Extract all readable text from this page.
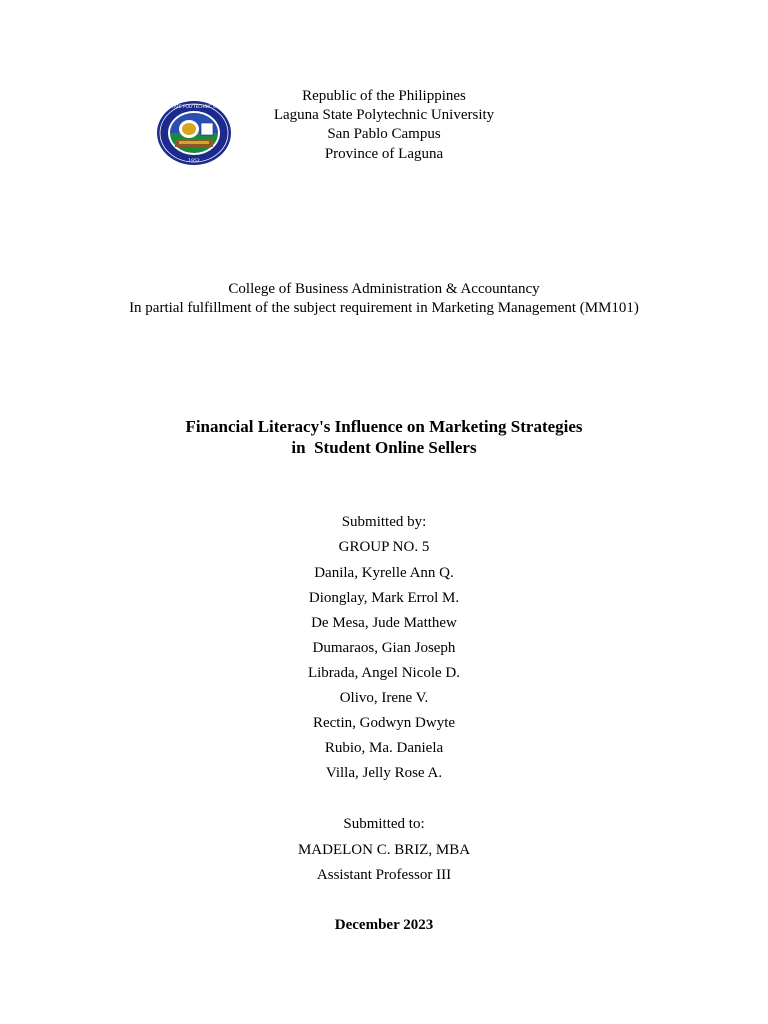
LAGUNA STATE POLYTECHNIC UNIVERSITY
1952
Republic of the Philippines
Laguna State Polytechnic University
San Pablo Campus
Province of Laguna
College of Business Administration & Accountancy
In partial fulfillment of the subject requirement in Marketing Management (MM101)
Financial Literacy's Influence on Marketing Strategies
in  Student Online Sellers
Submitted by:
GROUP NO. 5
Danila, Kyrelle Ann Q.
Dionglay, Mark Errol M.
De Mesa, Jude Matthew
Dumaraos, Gian Joseph
Librada, Angel Nicole D.
Olivo, Irene V.
Rectin, Godwyn Dwyte
Rubio, Ma. Daniela
Villa, Jelly Rose A.
Submitted to:
MADELON C. BRIZ, MBA
Assistant Professor III
December 2023
